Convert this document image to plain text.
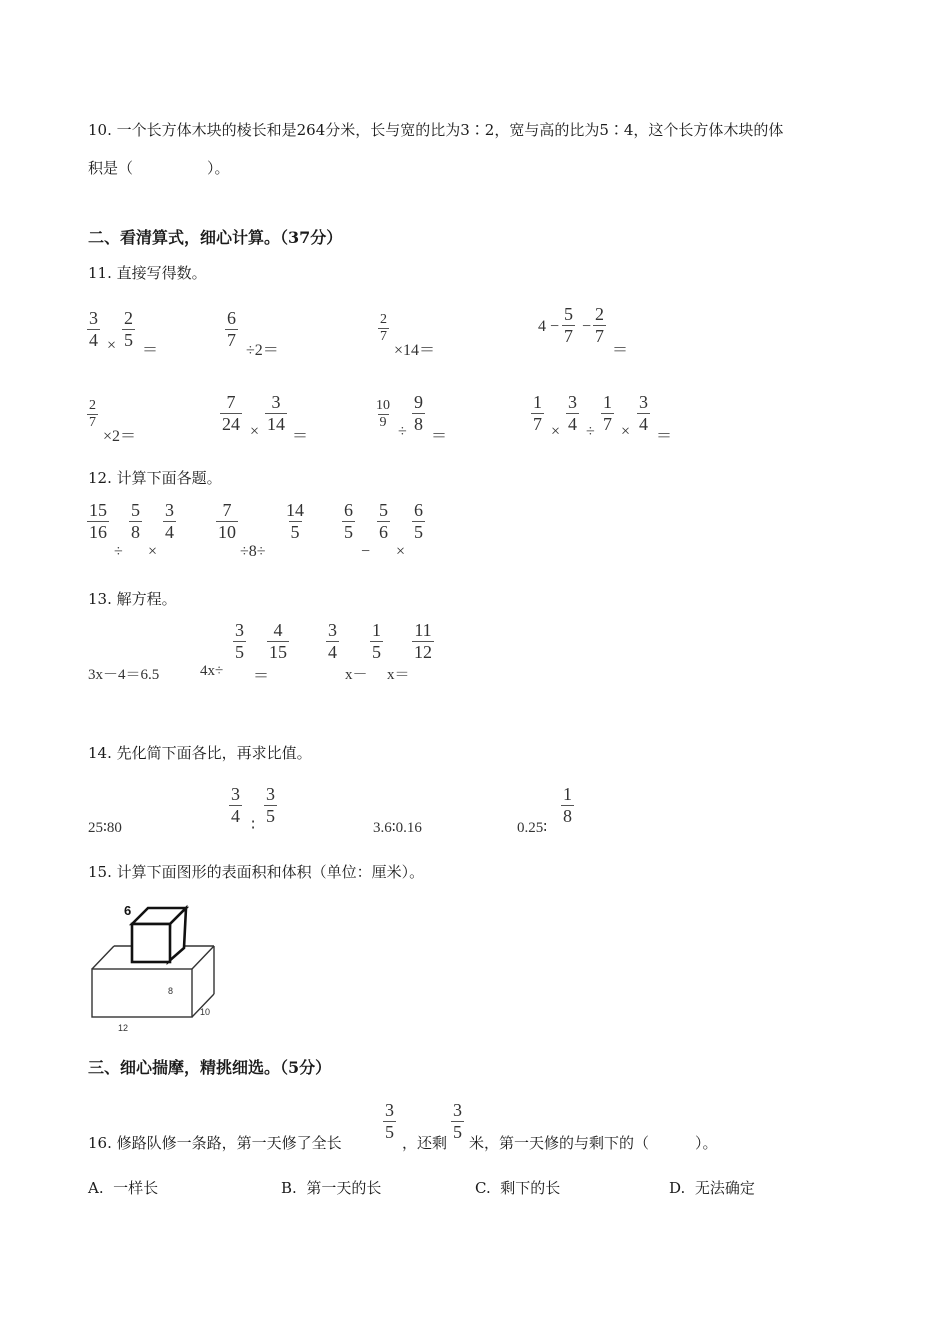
10. 一个长方体木块的棱长和是264分米，长与宽的比为3∶2，宽与高的比为5∶4，这个长方体木块的体
积是（	）。
二、看清算式，细心计算。（37分）
11. 直接写得数。
$\frac{3}{4} \times \frac{2}{5}$
＝
$\frac{6}{7}$
÷2＝
$\frac{2}{7}$
×14＝
$4 - \frac{5}{7} - \frac{2}{7}$
＝
$\frac{2}{7}$
×2＝
$\frac{7}{24} \times \frac{3}{14}$
＝
$\frac{10}{9}$
÷ $\frac{9}{8}$
＝
$\frac{1}{7} \times \frac{3}{4} \div \frac{1}{7} \times \frac{3}{4}$
＝
12. 计算下面各题。
$\frac{15}{16}$
÷
$\frac{5}{8}$
×
$\frac{3}{4} \frac{7}{10}$
÷8÷
$\frac{14}{5} \frac{6}{5}$
−
$\frac{5}{6}$
×
$\frac{6}{5}$
13. 解方程。
3x－4＝6.5	4x÷
$\frac{3}{5}$
＝
$\frac{4}{15} \frac{3}{4}$
x－
$\frac{1}{5}$
x＝
$\frac{11}{12}$
14. 先化简下面各比，再求比值。
25∶80
$\frac{3}{4}$ ∶ $\frac{3}{5}$
3.6∶0.16	0.25∶
$\frac{1}{8}$
15. 计算下面图形的表面积和体积（单位：厘米）。
6
8
10
12
三、细心揣摩，精挑细选。（5分）
16. 修路队修一条路，第一天修了全长
$\frac{3}{5}$
，还剩
$\frac{3}{5}$
米，第一天修的与剩下的（	）。
A. 一样长	B. 第一天的长	C. 剩下的长	D. 无法确定
